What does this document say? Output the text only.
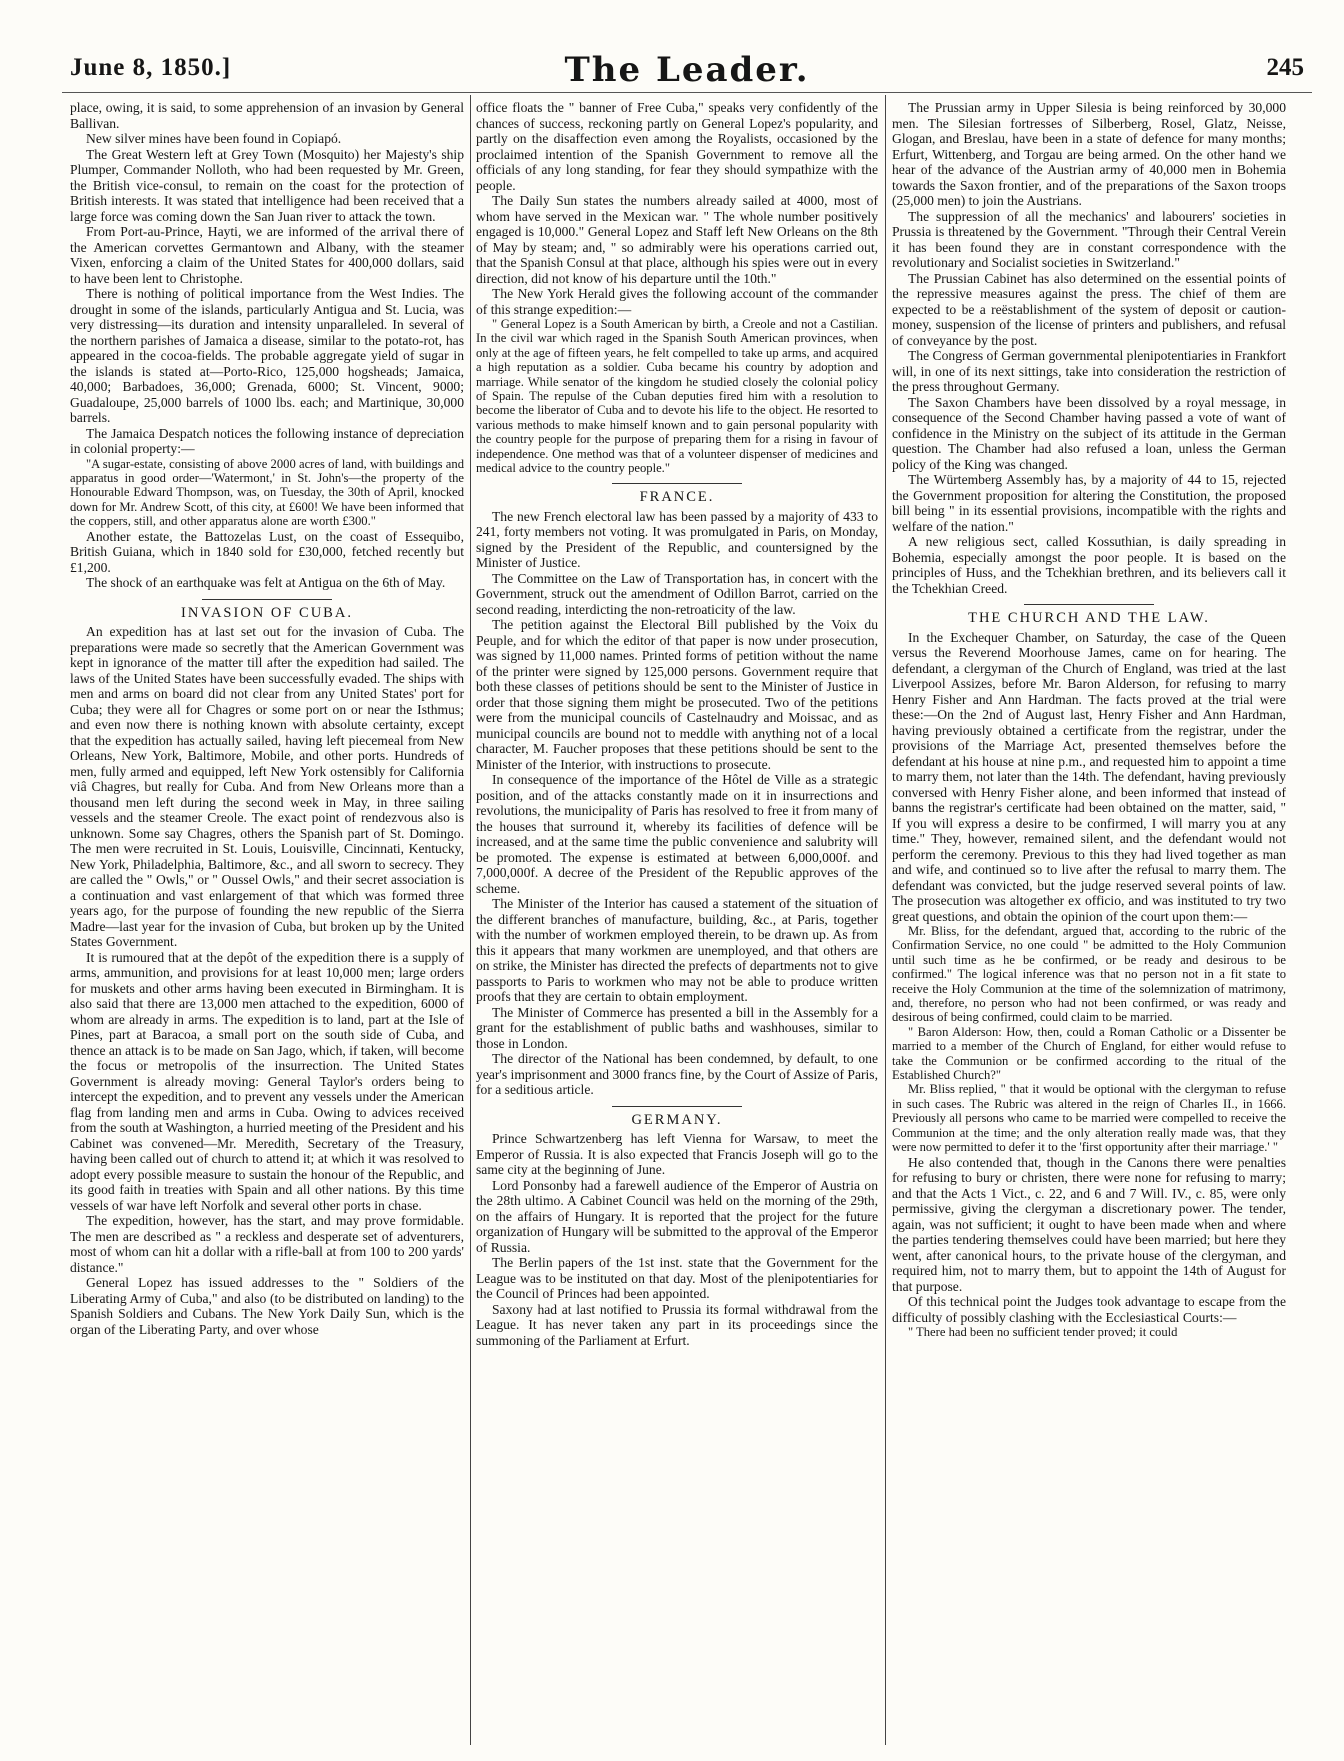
June 8, 1850.]	The Leader.	245

place, owing, it is said, to some apprehension of an invasion by General Ballivan.

New silver mines have been found in Copiapó.

The Great Western left at Grey Town (Mosquito) her Majesty's ship Plumper, Commander Nolloth, who had been requested by Mr. Green, the British vice-consul, to remain on the coast for the protection of British interests. It was stated that intelligence had been received that a large force was coming down the San Juan river to attack the town.

From Port-au-Prince, Hayti, we are informed of the arrival there of the American corvettes Germantown and Albany, with the steamer Vixen, enforcing a claim of the United States for 400,000 dollars, said to have been lent to Christophe.

There is nothing of political importance from the West Indies. The drought in some of the islands, particularly Antigua and St. Lucia, was very distressing—its duration and intensity unparalleled. In several of the northern parishes of Jamaica a disease, similar to the potato-rot, has appeared in the cocoa-fields. The probable aggregate yield of sugar in the islands is stated at—Porto-Rico, 125,000 hogsheads; Jamaica, 40,000; Barbadoes, 36,000; Grenada, 6000; St. Vincent, 9000; Guadaloupe, 25,000 barrels of 1000 lbs. each; and Martinique, 30,000 barrels.

The Jamaica Despatch notices the following instance of depreciation in colonial property:—

"A sugar-estate, consisting of above 2000 acres of land, with buildings and apparatus in good order—'Watermont,' in St. John's—the property of the Honourable Edward Thompson, was, on Tuesday, the 30th of April, knocked down for Mr. Andrew Scott, of this city, at £600! We have been informed that the coppers, still, and other apparatus alone are worth £300."

Another estate, the Battozelas Lust, on the coast of Essequibo, British Guiana, which in 1840 sold for £30,000, fetched recently but £1,200.

The shock of an earthquake was felt at Antigua on the 6th of May.

INVASION OF CUBA.

An expedition has at last set out for the invasion of Cuba. The preparations were made so secretly that the American Government was kept in ignorance of the matter till after the expedition had sailed. The laws of the United States have been successfully evaded. The ships with men and arms on board did not clear from any United States' port for Cuba; they were all for Chagres or some port on or near the Isthmus; and even now there is nothing known with absolute certainty, except that the expedition has actually sailed, having left piecemeal from New Orleans, New York, Baltimore, Mobile, and other ports. Hundreds of men, fully armed and equipped, left New York ostensibly for California viâ Chagres, but really for Cuba. And from New Orleans more than a thousand men left during the second week in May, in three sailing vessels and the steamer Creole. The exact point of rendezvous also is unknown. Some say Chagres, others the Spanish part of St. Domingo. The men were recruited in St. Louis, Louisville, Cincinnati, Kentucky, New York, Philadelphia, Baltimore, &c., and all sworn to secrecy. They are called the " Owls," or " Oussel Owls," and their secret association is a continuation and vast enlargement of that which was formed three years ago, for the purpose of founding the new republic of the Sierra Madre—last year for the invasion of Cuba, but broken up by the United States Government.

It is rumoured that at the depôt of the expedition there is a supply of arms, ammunition, and provisions for at least 10,000 men; large orders for muskets and other arms having been executed in Birmingham. It is also said that there are 13,000 men attached to the expedition, 6000 of whom are already in arms. The expedition is to land, part at the Isle of Pines, part at Baracoa, a small port on the south side of Cuba, and thence an attack is to be made on San Jago, which, if taken, will become the focus or metropolis of the insurrection. The United States Government is already moving: General Taylor's orders being to intercept the expedition, and to prevent any vessels under the American flag from landing men and arms in Cuba. Owing to advices received from the south at Washington, a hurried meeting of the President and his Cabinet was convened—Mr. Meredith, Secretary of the Treasury, having been called out of church to attend it; at which it was resolved to adopt every possible measure to sustain the honour of the Republic, and its good faith in treaties with Spain and all other nations. By this time vessels of war have left Norfolk and several other ports in chase.

The expedition, however, has the start, and may prove formidable. The men are described as " a reckless and desperate set of adventurers, most of whom can hit a dollar with a rifle-ball at from 100 to 200 yards' distance."

General Lopez has issued addresses to the " Soldiers of the Liberating Army of Cuba," and also (to be distributed on landing) to the Spanish Soldiers and Cubans. The New York Daily Sun, which is the organ of the Liberating Party, and over whose

office floats the " banner of Free Cuba," speaks very confidently of the chances of success, reckoning partly on General Lopez's popularity, and partly on the disaffection even among the Royalists, occasioned by the proclaimed intention of the Spanish Government to remove all the officials of any long standing, for fear they should sympathize with the people.

The Daily Sun states the numbers already sailed at 4000, most of whom have served in the Mexican war. " The whole number positively engaged is 10,000." General Lopez and Staff left New Orleans on the 8th of May by steam; and, " so admirably were his operations carried out, that the Spanish Consul at that place, although his spies were out in every direction, did not know of his departure until the 10th."

The New York Herald gives the following account of the commander of this strange expedition:—

" General Lopez is a South American by birth, a Creole and not a Castilian. In the civil war which raged in the Spanish South American provinces, when only at the age of fifteen years, he felt compelled to take up arms, and acquired a high reputation as a soldier. Cuba became his country by adoption and marriage. While senator of the kingdom he studied closely the colonial policy of Spain. The repulse of the Cuban deputies fired him with a resolution to become the liberator of Cuba and to devote his life to the object. He resorted to various methods to make himself known and to gain personal popularity with the country people for the purpose of preparing them for a rising in favour of independence. One method was that of a volunteer dispenser of medicines and medical advice to the country people."

FRANCE.

The new French electoral law has been passed by a majority of 433 to 241, forty members not voting. It was promulgated in Paris, on Monday, signed by the President of the Republic, and countersigned by the Minister of Justice.

The Committee on the Law of Transportation has, in concert with the Government, struck out the amendment of Odillon Barrot, carried on the second reading, interdicting the non-retroaticity of the law.

The petition against the Electoral Bill published by the Voix du Peuple, and for which the editor of that paper is now under prosecution, was signed by 11,000 names. Printed forms of petition without the name of the printer were signed by 125,000 persons. Government require that both these classes of petitions should be sent to the Minister of Justice in order that those signing them might be prosecuted. Two of the petitions were from the municipal councils of Castelnaudry and Moissac, and as municipal councils are bound not to meddle with anything not of a local character, M. Faucher proposes that these petitions should be sent to the Minister of the Interior, with instructions to prosecute.

In consequence of the importance of the Hôtel de Ville as a strategic position, and of the attacks constantly made on it in insurrections and revolutions, the municipality of Paris has resolved to free it from many of the houses that surround it, whereby its facilities of defence will be increased, and at the same time the public convenience and salubrity will be promoted. The expense is estimated at between 6,000,000f. and 7,000,000f. A decree of the President of the Republic approves of the scheme.

The Minister of the Interior has caused a statement of the situation of the different branches of manufacture, building, &c., at Paris, together with the number of workmen employed therein, to be drawn up. As from this it appears that many workmen are unemployed, and that others are on strike, the Minister has directed the prefects of departments not to give passports to Paris to workmen who may not be able to produce written proofs that they are certain to obtain employment.

The Minister of Commerce has presented a bill in the Assembly for a grant for the establishment of public baths and washhouses, similar to those in London.

The director of the National has been condemned, by default, to one year's imprisonment and 3000 francs fine, by the Court of Assize of Paris, for a seditious article.

GERMANY.

Prince Schwartzenberg has left Vienna for Warsaw, to meet the Emperor of Russia. It is also expected that Francis Joseph will go to the same city at the beginning of June.

Lord Ponsonby had a farewell audience of the Emperor of Austria on the 28th ultimo. A Cabinet Council was held on the morning of the 29th, on the affairs of Hungary. It is reported that the project for the future organization of Hungary will be submitted to the approval of the Emperor of Russia.

The Berlin papers of the 1st inst. state that the Government for the League was to be instituted on that day. Most of the plenipotentiaries for the Council of Princes had been appointed.

Saxony had at last notified to Prussia its formal withdrawal from the League. It has never taken any part in its proceedings since the summoning of the Parliament at Erfurt.

The Prussian army in Upper Silesia is being reinforced by 30,000 men. The Silesian fortresses of Silberberg, Rosel, Glatz, Neisse, Glogan, and Breslau, have been in a state of defence for many months; Erfurt, Wittenberg, and Torgau are being armed. On the other hand we hear of the advance of the Austrian army of 40,000 men in Bohemia towards the Saxon frontier, and of the preparations of the Saxon troops (25,000 men) to join the Austrians.

The suppression of all the mechanics' and labourers' societies in Prussia is threatened by the Government. "Through their Central Verein it has been found they are in constant correspondence with the revolutionary and Socialist societies in Switzerland."

The Prussian Cabinet has also determined on the essential points of the repressive measures against the press. The chief of them are expected to be a reëstablishment of the system of deposit or caution-money, suspension of the license of printers and publishers, and refusal of conveyance by the post.

The Congress of German governmental plenipotentiaries in Frankfort will, in one of its next sittings, take into consideration the restriction of the press throughout Germany.

The Saxon Chambers have been dissolved by a royal message, in consequence of the Second Chamber having passed a vote of want of confidence in the Ministry on the subject of its attitude in the German question. The Chamber had also refused a loan, unless the German policy of the King was changed.

The Würtemberg Assembly has, by a majority of 44 to 15, rejected the Government proposition for altering the Constitution, the proposed bill being " in its essential provisions, incompatible with the rights and welfare of the nation."

A new religious sect, called Kossuthian, is daily spreading in Bohemia, especially amongst the poor people. It is based on the principles of Huss, and the Tchekhian brethren, and its believers call it the Tchekhian Creed.

THE CHURCH AND THE LAW.

In the Exchequer Chamber, on Saturday, the case of the Queen versus the Reverend Moorhouse James, came on for hearing. The defendant, a clergyman of the Church of England, was tried at the last Liverpool Assizes, before Mr. Baron Alderson, for refusing to marry Henry Fisher and Ann Hardman. The facts proved at the trial were these:—On the 2nd of August last, Henry Fisher and Ann Hardman, having previously obtained a certificate from the registrar, under the provisions of the Marriage Act, presented themselves before the defendant at his house at nine p.m., and requested him to appoint a time to marry them, not later than the 14th. The defendant, having previously conversed with Henry Fisher alone, and been informed that instead of banns the registrar's certificate had been obtained on the matter, said, " If you will express a desire to be confirmed, I will marry you at any time." They, however, remained silent, and the defendant would not perform the ceremony. Previous to this they had lived together as man and wife, and continued so to live after the refusal to marry them. The defendant was convicted, but the judge reserved several points of law. The prosecution was altogether ex officio, and was instituted to try two great questions, and obtain the opinion of the court upon them:—

Mr. Bliss, for the defendant, argued that, according to the rubric of the Confirmation Service, no one could " be admitted to the Holy Communion until such time as he be confirmed, or be ready and desirous to be confirmed." The logical inference was that no person not in a fit state to receive the Holy Communion at the time of the solemnization of matrimony, and, therefore, no person who had not been confirmed, or was ready and desirous of being confirmed, could claim to be married.

" Baron Alderson: How, then, could a Roman Catholic or a Dissenter be married to a member of the Church of England, for either would refuse to take the Communion or be confirmed according to the ritual of the Established Church?"

Mr. Bliss replied, " that it would be optional with the clergyman to refuse in such cases. The Rubric was altered in the reign of Charles II., in 1666. Previously all persons who came to be married were compelled to receive the Communion at the time; and the only alteration really made was, that they were now permitted to defer it to the 'first opportunity after their marriage.' "

He also contended that, though in the Canons there were penalties for refusing to bury or christen, there were none for refusing to marry; and that the Acts 1 Vict., c. 22, and 6 and 7 Will. IV., c. 85, were only permissive, giving the clergyman a discretionary power. The tender, again, was not sufficient; it ought to have been made when and where the parties tendering themselves could have been married; but here they went, after canonical hours, to the private house of the clergyman, and required him, not to marry them, but to appoint the 14th of August for that purpose.

Of this technical point the Judges took advantage to escape from the difficulty of possibly clashing with the Ecclesiastical Courts:—

" There had been no sufficient tender proved; it could
